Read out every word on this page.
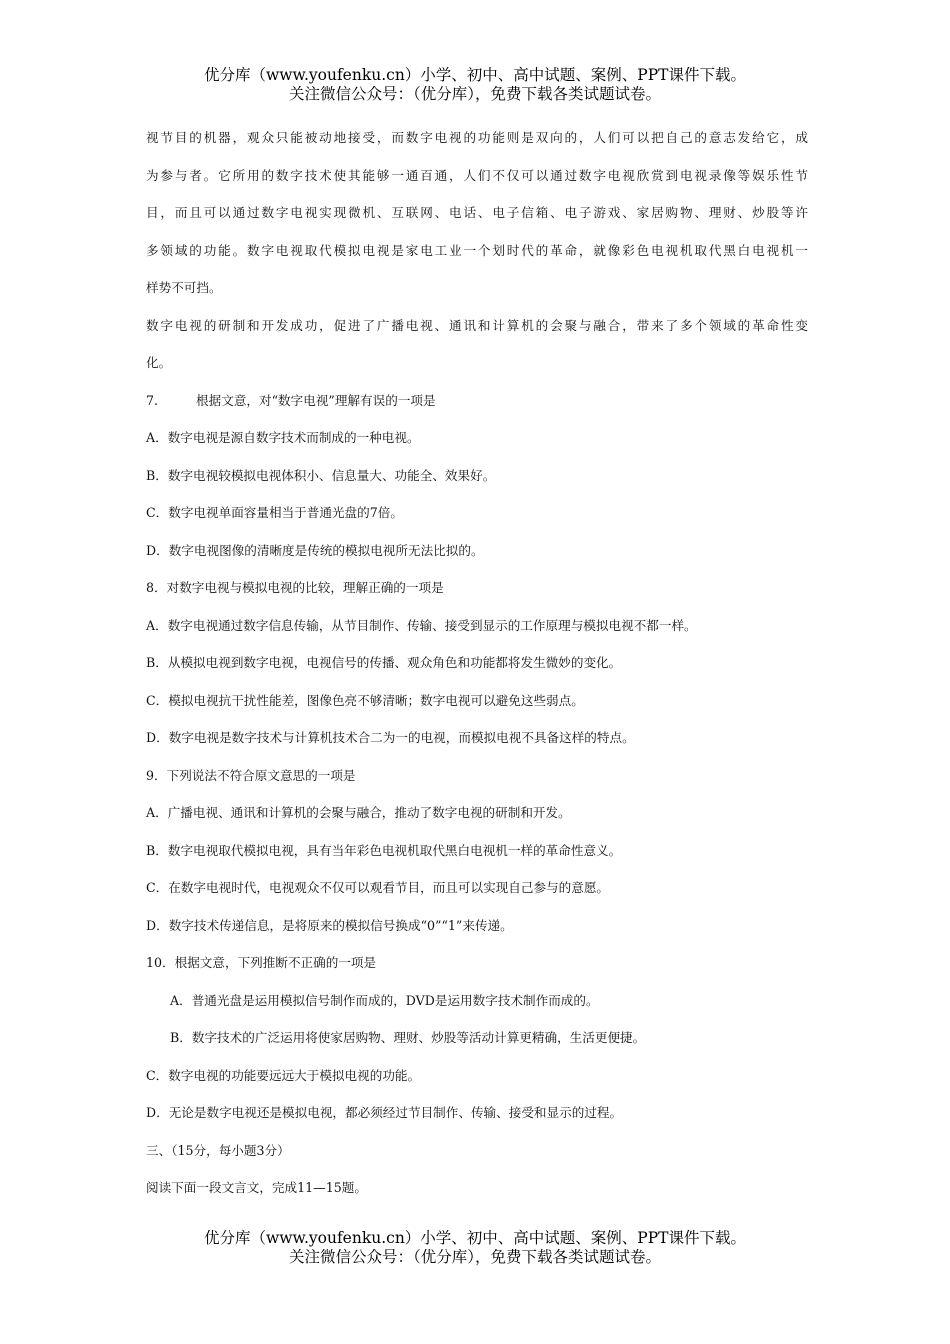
优分库（www.youfenku.cn）小学、初中、高中试题、案例、PPT课件下载。
关注微信公众号：（优分库），免费下载各类试题试卷。
视节目的机器，观众只能被动地接受，而数字电视的功能则是双向的，人们可以把自己的意志发给它，成
为参与者。它所用的数字技术使其能够一通百通，人们不仅可以通过数字电视欣赏到电视录像等娱乐性节
目，而且可以通过数字电视实现微机、互联网、电话、电子信箱、电子游戏、家居购物、理财、炒股等许
多领域的功能。数字电视取代模拟电视是家电工业一个划时代的革命，就像彩色电视机取代黑白电视机一
样势不可挡。
数字电视的研制和开发成功，促进了广播电视、通讯和计算机的会聚与融合，带来了多个领域的革命性变
化。
7.	根据文意，对“数字电视”理解有误的一项是
A．数字电视是源自数字技术而制成的一种电视。
B．数字电视较模拟电视体积小、信息量大、功能全、效果好。
C．数字电视单面容量相当于普通光盘的7倍。
D．数字电视图像的清晰度是传统的模拟电视所无法比拟的。
8．对数字电视与模拟电视的比较，理解正确的一项是
A．数字电视通过数字信息传输，从节目制作、传输、接受到显示的工作原理与模拟电视不都一样。
B．从模拟电视到数字电视，电视信号的传播、观众角色和功能都将发生微妙的变化。
C．模拟电视抗干扰性能差，图像色亮不够清晰；数字电视可以避免这些弱点。
D．数字电视是数字技术与计算机技术合二为一的电视，而模拟电视不具备这样的特点。
9．下列说法不符合原文意思的一项是
A．广播电视、通讯和计算机的会聚与融合，推动了数字电视的研制和开发。
B．数字电视取代模拟电视，具有当年彩色电视机取代黑白电视机一样的革命性意义。
C．在数字电视时代，电视观众不仅可以观看节目，而且可以实现自己参与的意愿。
D．数字技术传递信息，是将原来的模拟信号换成“0”“1”来传递。
10．根据文意，下列推断不正确的一项是
A．普通光盘是运用模拟信号制作而成的，DVD是运用数字技术制作而成的。
B．数字技术的广泛运用将使家居购物、理财、炒股等活动计算更精确，生活更便捷。
C．数字电视的功能要远远大于模拟电视的功能。
D．无论是数字电视还是模拟电视，都必须经过节目制作、传输、接受和显示的过程。
三、（15分，每小题3分）
阅读下面一段文言文，完成11—15题。
优分库（www.youfenku.cn）小学、初中、高中试题、案例、PPT课件下载。
关注微信公众号：（优分库），免费下载各类试题试卷。
